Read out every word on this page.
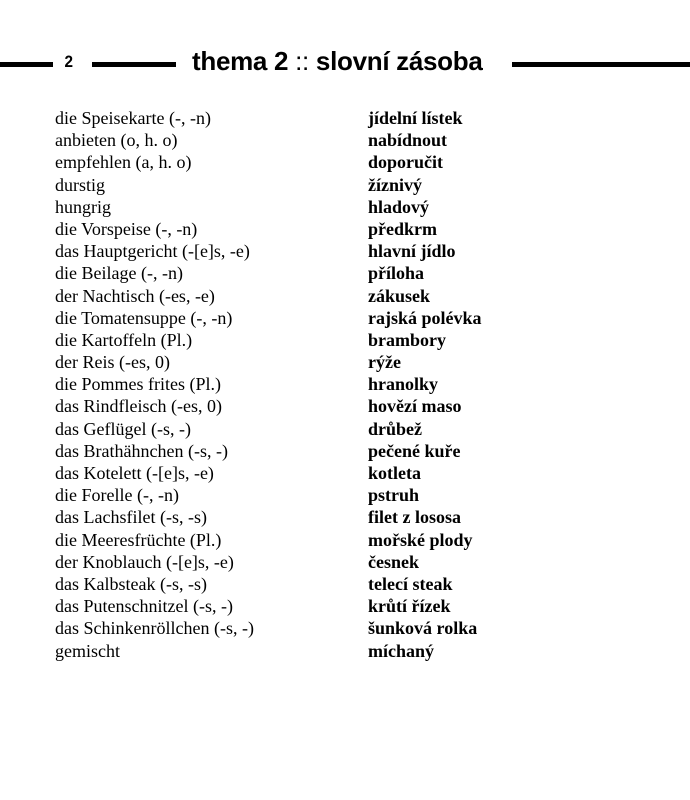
2	thema 2 :: slovní zásoba
die Speisekarte (-, -n)	jídelní lístek
anbieten (o, h. o)	nabídnout
empfehlen (a, h. o)	doporučit
durstig	žíznivý
hungrig	hladový
die Vorspeise (-, -n)	předkrm
das Hauptgericht (-[e]s, -e)	hlavní jídlo
die Beilage (-, -n)	příloha
der Nachtisch (-es, -e)	zákusek
die Tomatensuppe (-, -n)	rajská polévka
die Kartoffeln (Pl.)	brambory
der Reis (-es, 0)	rýže
die Pommes frites (Pl.)	hranolky
das Rindfleisch (-es, 0)	hovězí maso
das Geflügel (-s, -)	drůbež
das Brathähnchen (-s, -)	pečené kuře
das Kotelett (-[e]s, -e)	kotleta
die Forelle (-, -n)	pstruh
das Lachsfilet (-s, -s)	filet z lososa
die Meeresfrüchte (Pl.)	mořské plody
der Knoblauch (-[e]s, -e)	česnek
das Kalbsteak (-s, -s)	telecí steak
das Putenschnitzel (-s, -)	krůtí řízek
das Schinkenröllchen (-s, -)	šunková rolka
gemischt	míchaný
